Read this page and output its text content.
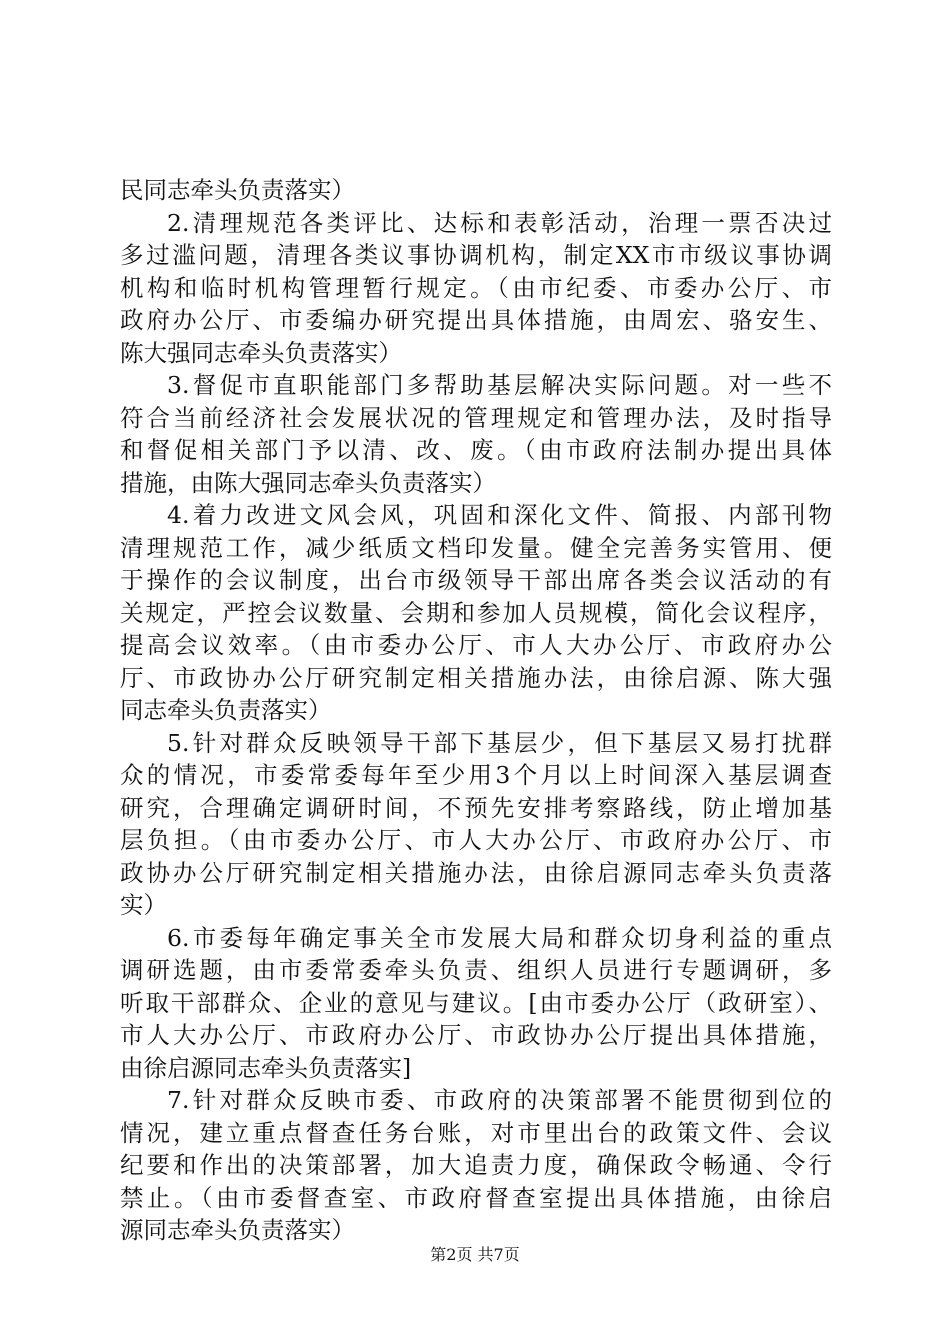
民同志牵头负责落实）
2.清理规范各类评比、达标和表彰活动，治理一票否决过
多过滥问题，清理各类议事协调机构，制定XX市市级议事协调
机构和临时机构管理暂行规定。（由市纪委、市委办公厅、市
政府办公厅、市委编办研究提出具体措施，由周宏、骆安生、
陈大强同志牵头负责落实）
3.督促市直职能部门多帮助基层解决实际问题。对一些不
符合当前经济社会发展状况的管理规定和管理办法，及时指导
和督促相关部门予以清、改、废。（由市政府法制办提出具体
措施，由陈大强同志牵头负责落实）
4.着力改进文风会风，巩固和深化文件、简报、内部刊物
清理规范工作，减少纸质文档印发量。健全完善务实管用、便
于操作的会议制度，出台市级领导干部出席各类会议活动的有
关规定，严控会议数量、会期和参加人员规模，简化会议程序，
提高会议效率。（由市委办公厅、市人大办公厅、市政府办公
厅、市政协办公厅研究制定相关措施办法，由徐启源、陈大强
同志牵头负责落实）
5.针对群众反映领导干部下基层少，但下基层又易打扰群
众的情况，市委常委每年至少用3个月以上时间深入基层调查
研究，合理确定调研时间，不预先安排考察路线，防止增加基
层负担。（由市委办公厅、市人大办公厅、市政府办公厅、市
政协办公厅研究制定相关措施办法，由徐启源同志牵头负责落
实）
6.市委每年确定事关全市发展大局和群众切身利益的重点
调研选题，由市委常委牵头负责、组织人员进行专题调研，多
听取干部群众、企业的意见与建议。[由市委办公厅（政研室）、
市人大办公厅、市政府办公厅、市政协办公厅提出具体措施，
由徐启源同志牵头负责落实]
7.针对群众反映市委、市政府的决策部署不能贯彻到位的
情况，建立重点督查任务台账，对市里出台的政策文件、会议
纪要和作出的决策部署，加大追责力度，确保政令畅通、令行
禁止。（由市委督查室、市政府督查室提出具体措施，由徐启
源同志牵头负责落实）
第2页 共7页
